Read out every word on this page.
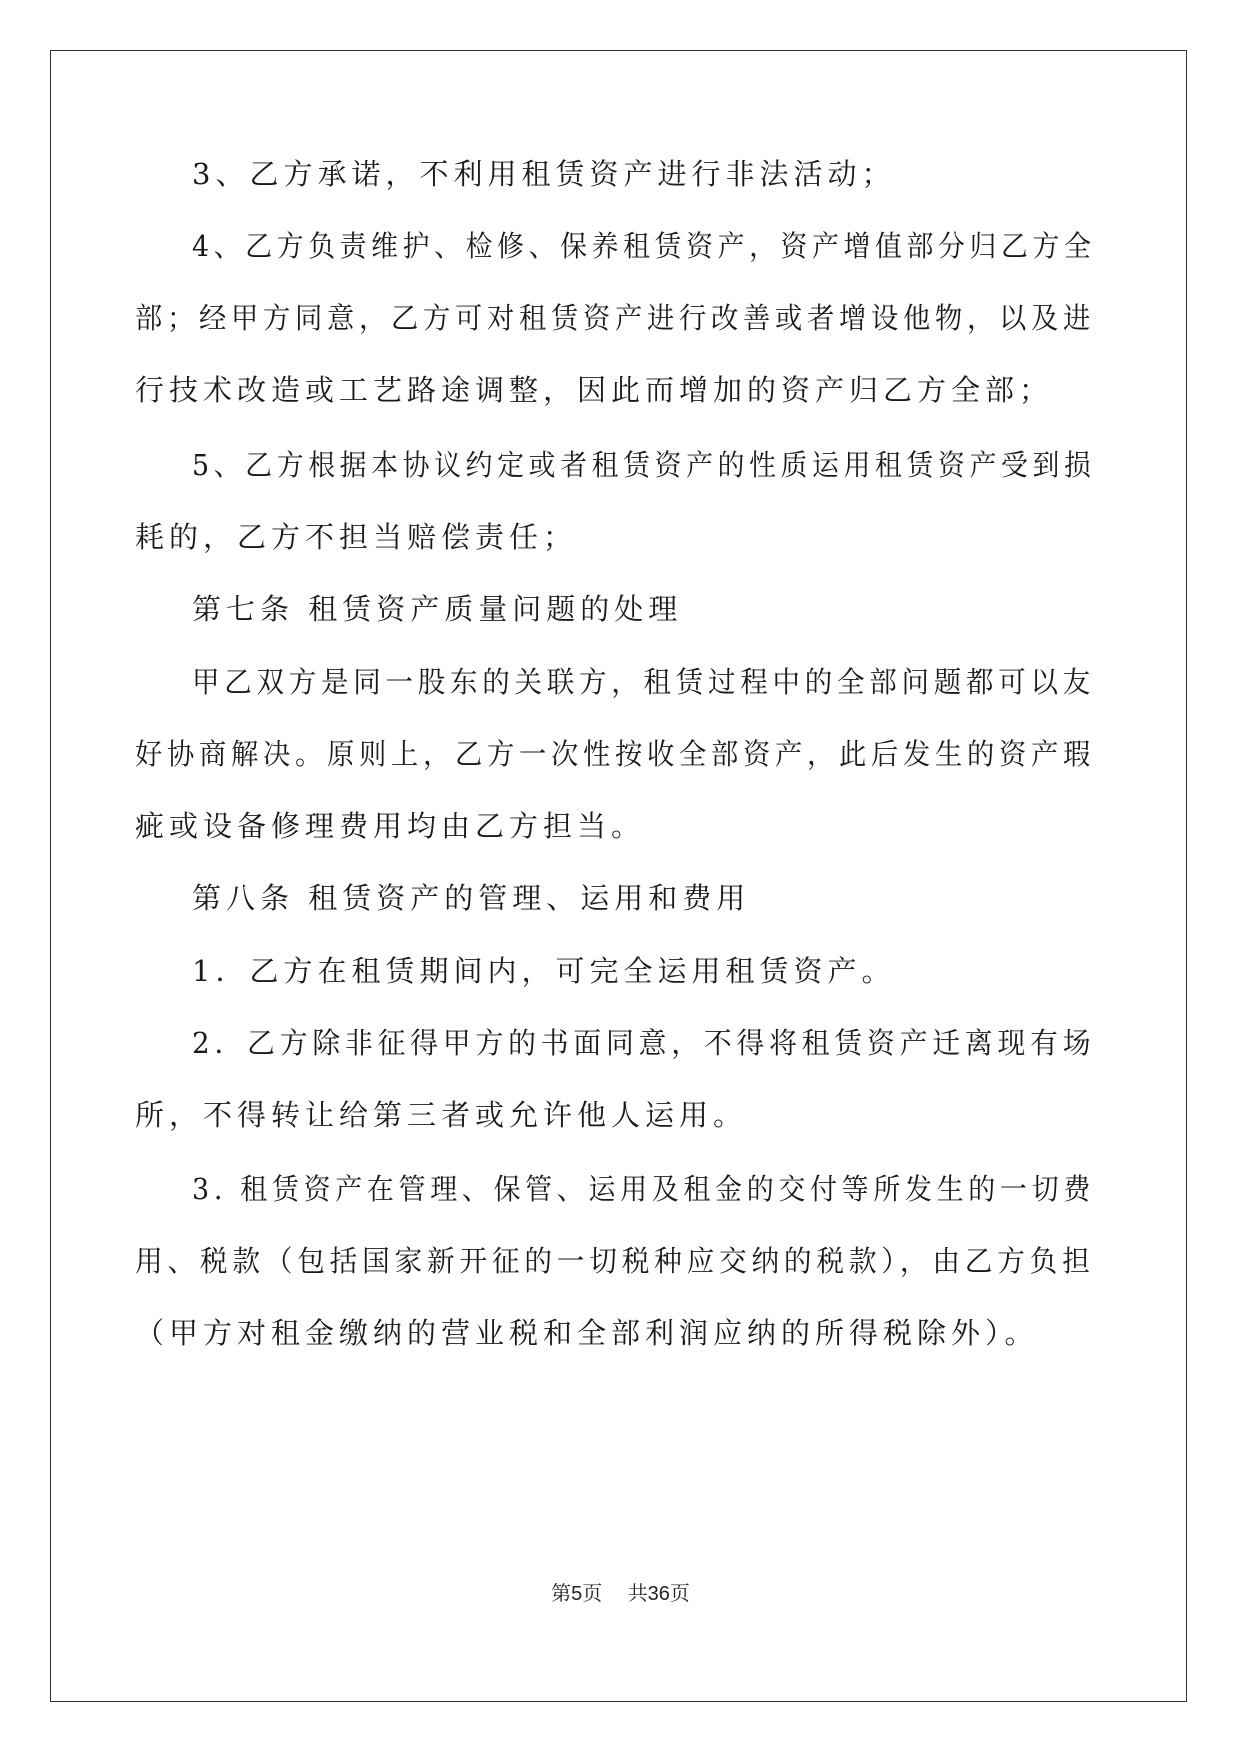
3、乙方承诺，不利用租赁资产进行非法活动；
4、乙方负责维护、检修、保养租赁资产，资产增值部分归乙方全
部；经甲方同意，乙方可对租赁资产进行改善或者增设他物，以及进
行技术改造或工艺路途调整，因此而增加的资产归乙方全部；
5、乙方根据本协议约定或者租赁资产的性质运用租赁资产受到损
耗的，乙方不担当赔偿责任；
第七条 租赁资产质量问题的处理
甲乙双方是同一股东的关联方，租赁过程中的全部问题都可以友
好协商解决。原则上，乙方一次性按收全部资产，此后发生的资产瑕
疵或设备修理费用均由乙方担当。
第八条 租赁资产的管理、运用和费用
1．乙方在租赁期间内，可完全运用租赁资产。
2．乙方除非征得甲方的书面同意，不得将租赁资产迁离现有场
所，不得转让给第三者或允许他人运用。
3. 租赁资产在管理、保管、运用及租金的交付等所发生的一切费
用、税款（包括国家新开征的一切税种应交纳的税款），由乙方负担
（甲方对租金缴纳的营业税和全部利润应纳的所得税除外）。
第5页 共36页
